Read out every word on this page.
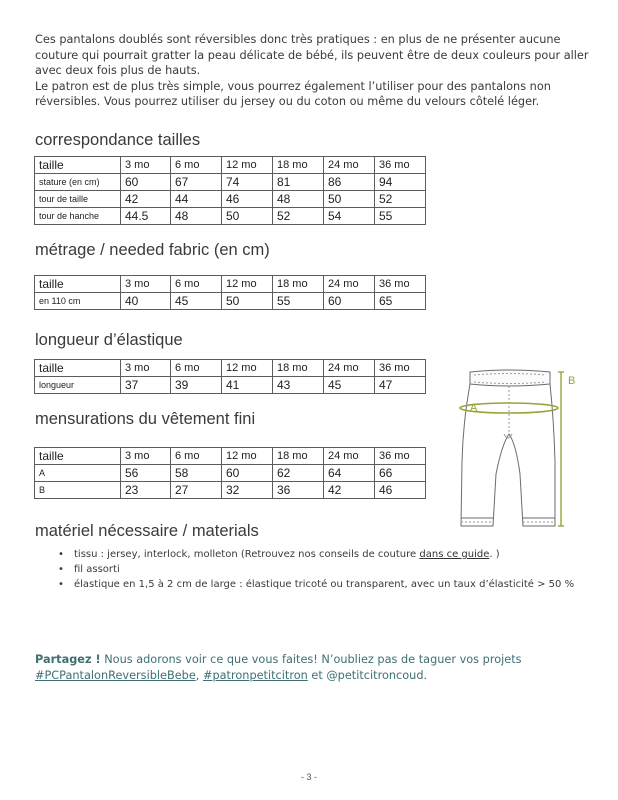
Ces pantalons doublés sont réversibles donc très pratiques : en plus de ne présenter aucune couture qui pourrait gratter la peau délicate de bébé, ils peuvent être de deux couleurs pour aller avec deux fois plus de hauts.

Le patron est de plus très simple, vous pourrez également l’utiliser pour des pantalons non réversibles. Vous pourrez utiliser du jersey ou du coton ou même du velours côtelé léger.

correspondance tailles
taille	3 mo	6 mo	12 mo	18 mo	24 mo	36 mo
stature (en cm)	60	67	74	81	86	94
tour de taille	42	44	46	48	50	52
tour de hanche	44.5	48	50	52	54	55
métrage / needed fabric (en cm)
taille	3 mo	6 mo	12 mo	18 mo	24 mo	36 mo
en 110 cm	40	45	50	55	60	65
longueur d’élastique
taille	3 mo	6 mo	12 mo	18 mo	24 mo	36 mo
longueur	37	39	41	43	45	47
mensurations du vêtement fini
taille	3 mo	6 mo	12 mo	18 mo	24 mo	36 mo
A	56	58	60	62	64	66
B	23	27	32	36	42	46
A
B
matériel nécessaire / materials
• tissu : jersey, interlock, molleton (Retrouvez nos conseils de couture dans ce guide. )
• fil assorti
• élastique en 1,5 à 2 cm de large : élastique tricoté ou transparent, avec un taux d’élasticité > 50 %
Partagez ! Nous adorons voir ce que vous faites! N’oubliez pas de taguer vos projets #PCPantalonReversibleBebe, #patronpetitcitron et @petitcitroncoud.
- 3 -
